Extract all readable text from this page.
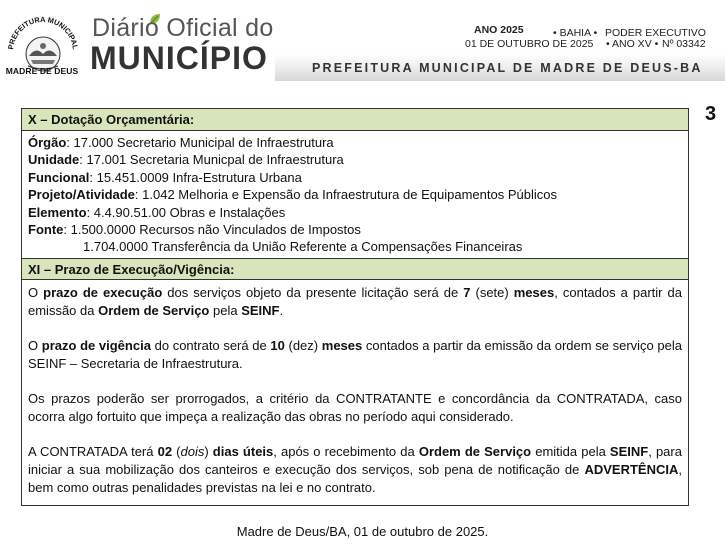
PREFEITURA MUNICIPAL
MADRE DE DEUS
Diário Oficial do
MUNICÍPIO
ANO 2025	• BAHIA • PODER EXECUTIVO
01 DE OUTUBRO DE 2025 • ANO XV • Nº 03342
PREFEITURA MUNICIPAL DE MADRE DE DEUS-BA
3
X – Dotação Orçamentária:
Órgão: 17.000 Secretario Municipal de Infraestrutura
Unidade: 17.001 Secretaria Municpal de Infraestrutura
Funcional: 15.451.0009 Infra-Estrutura Urbana
Projeto/Atividade: 1.042 Melhoria e Expensão da Infraestrutura de Equipamentos Públicos
Elemento: 4.4.90.51.00 Obras e Instalações
Fonte: 1.500.0000 Recursos não Vinculados de Impostos
1.704.0000 Transferência da União Referente a Compensações Financeiras
XI – Prazo de Execução/Vigência:

O prazo de execução dos serviços objeto da presente licitação será de 7 (sete) meses, contados a partir da emissão da Ordem de Serviço pela SEINF.

O prazo de vigência do contrato será de 10 (dez) meses contados a partir da emissão da ordem se serviço pela SEINF – Secretaria de Infraestrutura.

Os prazos poderão ser prorrogados, a critério da CONTRATANTE e concordância da CONTRATADA, caso ocorra algo fortuito que impeça a realização das obras no período aqui considerado.

A CONTRATADA terá 02 (dois) dias úteis, após o recebimento da Ordem de Serviço emitida pela SEINF, para iniciar a sua mobilização dos canteiros e execução dos serviços, sob pena de notificação de ADVERTÊNCIA, bem como outras penalidades previstas na lei e no contrato.

Madre de Deus/BA, 01 de outubro de 2025.
